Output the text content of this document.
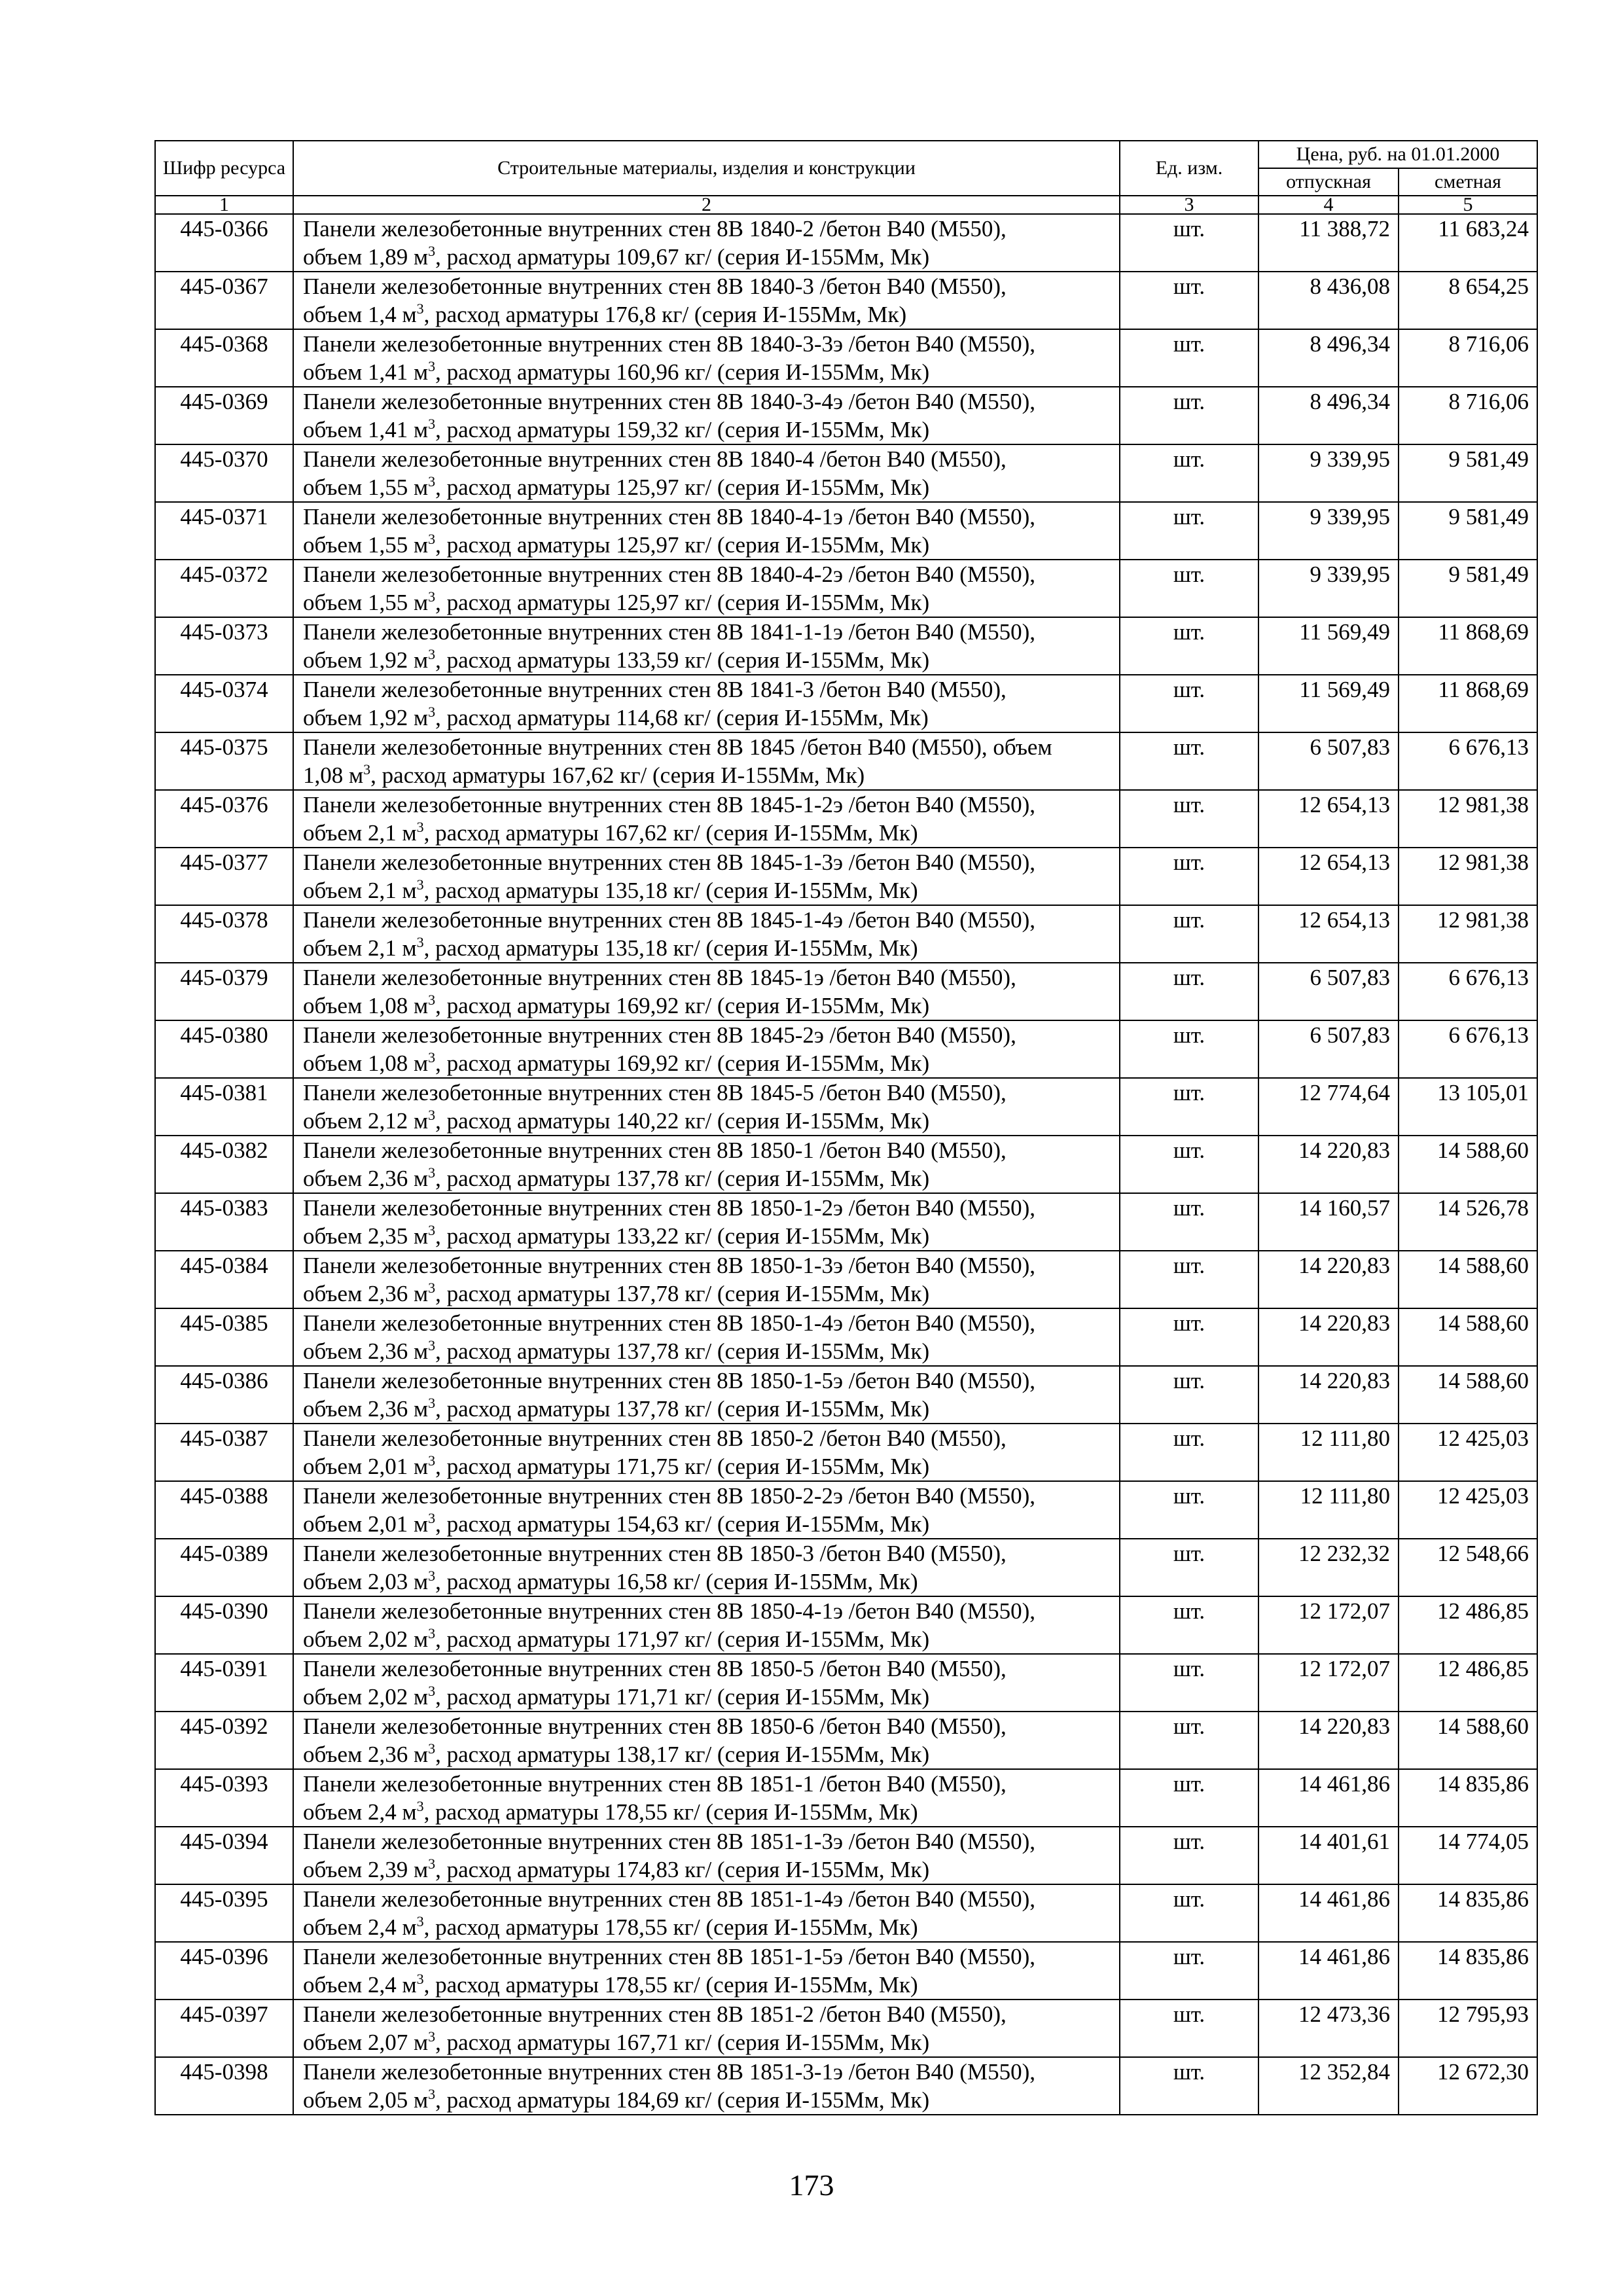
Шифр ресурса	Строительные материалы, изделия и конструкции	Ед. изм.	Цена, руб. на 01.01.2000	
			отпускная	сметная
1	2	3	4	5
445-0366	Панели железобетонные внутренних стен 8В 1840-2 /бетон В40 (М550),
объем 1,89 $м^3$, расход арматуры 109,67 кг/ (серия И-155Мм, Мк)	шт.	11 388,72	11 683,24
445-0367	Панели железобетонные внутренних стен 8В 1840-3 /бетон В40 (М550),
объем 1,4 $м^3$, расход арматуры 176,8 кг/ (серия И-155Мм, Мк)	шт.	8 436,08	8 654,25
445-0368	Панели железобетонные внутренних стен 8В 1840-3-3э /бетон В40 (М550),
объем 1,41 $м^3$, расход арматуры 160,96 кг/ (серия И-155Мм, Мк)	шт.	8 496,34	8 716,06
445-0369	Панели железобетонные внутренних стен 8В 1840-3-4э /бетон В40 (М550),
объем 1,41 $м^3$, расход арматуры 159,32 кг/ (серия И-155Мм, Мк)	шт.	8 496,34	8 716,06
445-0370	Панели железобетонные внутренних стен 8В 1840-4 /бетон В40 (М550),
объем 1,55 $м^3$, расход арматуры 125,97 кг/ (серия И-155Мм, Мк)	шт.	9 339,95	9 581,49
445-0371	Панели железобетонные внутренних стен 8В 1840-4-1э /бетон В40 (М550),
объем 1,55 $м^3$, расход арматуры 125,97 кг/ (серия И-155Мм, Мк)	шт.	9 339,95	9 581,49
445-0372	Панели железобетонные внутренних стен 8В 1840-4-2э /бетон В40 (М550),
объем 1,55 $м^3$, расход арматуры 125,97 кг/ (серия И-155Мм, Мк)	шт.	9 339,95	9 581,49
445-0373	Панели железобетонные внутренних стен 8В 1841-1-1э /бетон В40 (М550),
объем 1,92 $м^3$, расход арматуры 133,59 кг/ (серия И-155Мм, Мк)	шт.	11 569,49	11 868,69
445-0374	Панели железобетонные внутренних стен 8В 1841-3 /бетон В40 (М550),
объем 1,92 $м^3$, расход арматуры 114,68 кг/ (серия И-155Мм, Мк)	шт.	11 569,49	11 868,69
445-0375	Панели железобетонные внутренних стен 8В 1845 /бетон В40 (М550), объем
1,08 $м^3$, расход арматуры 167,62 кг/ (серия И-155Мм, Мк)	шт.	6 507,83	6 676,13
445-0376	Панели железобетонные внутренних стен 8В 1845-1-2э /бетон В40 (М550),
объем 2,1 $м^3$, расход арматуры 167,62 кг/ (серия И-155Мм, Мк)	шт.	12 654,13	12 981,38
445-0377	Панели железобетонные внутренних стен 8В 1845-1-3э /бетон В40 (М550),
объем 2,1 $м^3$, расход арматуры 135,18 кг/ (серия И-155Мм, Мк)	шт.	12 654,13	12 981,38
445-0378	Панели железобетонные внутренних стен 8В 1845-1-4э /бетон В40 (М550),
объем 2,1 $м^3$, расход арматуры 135,18 кг/ (серия И-155Мм, Мк)	шт.	12 654,13	12 981,38
445-0379	Панели железобетонные внутренних стен 8В 1845-1э /бетон В40 (М550),
объем 1,08 $м^3$, расход арматуры 169,92 кг/ (серия И-155Мм, Мк)	шт.	6 507,83	6 676,13
445-0380	Панели железобетонные внутренних стен 8В 1845-2э /бетон В40 (М550),
объем 1,08 $м^3$, расход арматуры 169,92 кг/ (серия И-155Мм, Мк)	шт.	6 507,83	6 676,13
445-0381	Панели железобетонные внутренних стен 8В 1845-5 /бетон В40 (М550),
объем 2,12 $м^3$, расход арматуры 140,22 кг/ (серия И-155Мм, Мк)	шт.	12 774,64	13 105,01
445-0382	Панели железобетонные внутренних стен 8В 1850-1 /бетон В40 (М550),
объем 2,36 $м^3$, расход арматуры 137,78 кг/ (серия И-155Мм, Мк)	шт.	14 220,83	14 588,60
445-0383	Панели железобетонные внутренних стен 8В 1850-1-2э /бетон В40 (М550),
объем 2,35 $м^3$, расход арматуры 133,22 кг/ (серия И-155Мм, Мк)	шт.	14 160,57	14 526,78
445-0384	Панели железобетонные внутренних стен 8В 1850-1-3э /бетон В40 (М550),
объем 2,36 $м^3$, расход арматуры 137,78 кг/ (серия И-155Мм, Мк)	шт.	14 220,83	14 588,60
445-0385	Панели железобетонные внутренних стен 8В 1850-1-4э /бетон В40 (М550),
объем 2,36 $м^3$, расход арматуры 137,78 кг/ (серия И-155Мм, Мк)	шт.	14 220,83	14 588,60
445-0386	Панели железобетонные внутренних стен 8В 1850-1-5э /бетон В40 (М550),
объем 2,36 $м^3$, расход арматуры 137,78 кг/ (серия И-155Мм, Мк)	шт.	14 220,83	14 588,60
445-0387	Панели железобетонные внутренних стен 8В 1850-2 /бетон В40 (М550),
объем 2,01 $м^3$, расход арматуры 171,75 кг/ (серия И-155Мм, Мк)	шт.	12 111,80	12 425,03
445-0388	Панели железобетонные внутренних стен 8В 1850-2-2э /бетон В40 (М550),
объем 2,01 $м^3$, расход арматуры 154,63 кг/ (серия И-155Мм, Мк)	шт.	12 111,80	12 425,03
445-0389	Панели железобетонные внутренних стен 8В 1850-3 /бетон В40 (М550),
объем 2,03 $м^3$, расход арматуры 16,58 кг/ (серия И-155Мм, Мк)	шт.	12 232,32	12 548,66
445-0390	Панели железобетонные внутренних стен 8В 1850-4-1э /бетон В40 (М550),
объем 2,02 $м^3$, расход арматуры 171,97 кг/ (серия И-155Мм, Мк)	шт.	12 172,07	12 486,85
445-0391	Панели железобетонные внутренних стен 8В 1850-5 /бетон В40 (М550),
объем 2,02 $м^3$, расход арматуры 171,71 кг/ (серия И-155Мм, Мк)	шт.	12 172,07	12 486,85
445-0392	Панели железобетонные внутренних стен 8В 1850-6 /бетон В40 (М550),
объем 2,36 $м^3$, расход арматуры 138,17 кг/ (серия И-155Мм, Мк)	шт.	14 220,83	14 588,60
445-0393	Панели железобетонные внутренних стен 8В 1851-1 /бетон В40 (М550),
объем 2,4 $м^3$, расход арматуры 178,55 кг/ (серия И-155Мм, Мк)	шт.	14 461,86	14 835,86
445-0394	Панели железобетонные внутренних стен 8В 1851-1-3э /бетон В40 (М550),
объем 2,39 $м^3$, расход арматуры 174,83 кг/ (серия И-155Мм, Мк)	шт.	14 401,61	14 774,05
445-0395	Панели железобетонные внутренних стен 8В 1851-1-4э /бетон В40 (М550),
объем 2,4 $м^3$, расход арматуры 178,55 кг/ (серия И-155Мм, Мк)	шт.	14 461,86	14 835,86
445-0396	Панели железобетонные внутренних стен 8В 1851-1-5э /бетон В40 (М550),
объем 2,4 $м^3$, расход арматуры 178,55 кг/ (серия И-155Мм, Мк)	шт.	14 461,86	14 835,86
445-0397	Панели железобетонные внутренних стен 8В 1851-2 /бетон В40 (М550),
объем 2,07 $м^3$, расход арматуры 167,71 кг/ (серия И-155Мм, Мк)	шт.	12 473,36	12 795,93
445-0398	Панели железобетонные внутренних стен 8В 1851-3-1э /бетон В40 (М550),
объем 2,05 $м^3$, расход арматуры 184,69 кг/ (серия И-155Мм, Мк)	шт.	12 352,84	12 672,30
173
